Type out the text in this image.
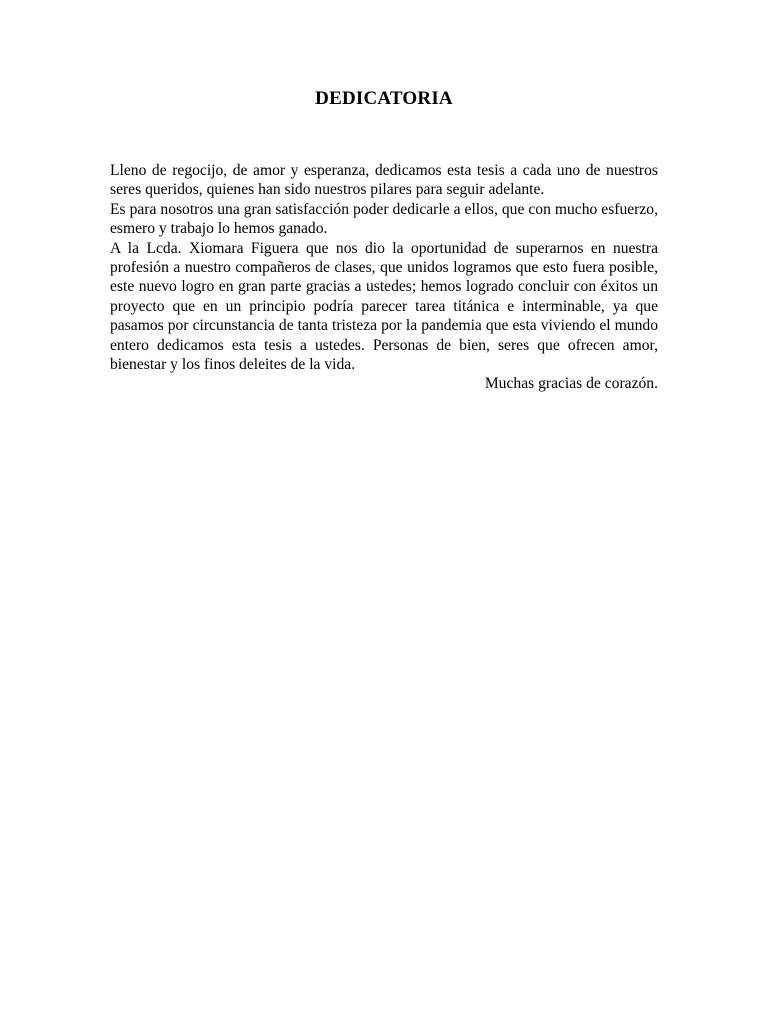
DEDICATORIA

Lleno de regocijo, de amor y esperanza, dedicamos esta tesis a cada uno de nuestros seres queridos, quienes han sido nuestros pilares para seguir adelante.

Es para nosotros una gran satisfacción poder dedicarle a ellos, que con mucho esfuerzo, esmero y trabajo lo hemos ganado.

A la Lcda. Xiomara Figuera que nos dio la oportunidad de superarnos en nuestra profesión a nuestro compañeros de clases, que unidos logramos que esto fuera posible, este nuevo logro en gran parte gracias a ustedes; hemos logrado concluir con éxitos un proyecto que en un principio podría parecer tarea titánica e interminable, ya que pasamos por circunstancia de tanta tristeza por la pandemia que esta viviendo el mundo entero dedicamos esta tesis a ustedes. Personas de bien, seres que ofrecen amor, bienestar y los finos deleites de la vida.

Muchas gracias de corazón.
